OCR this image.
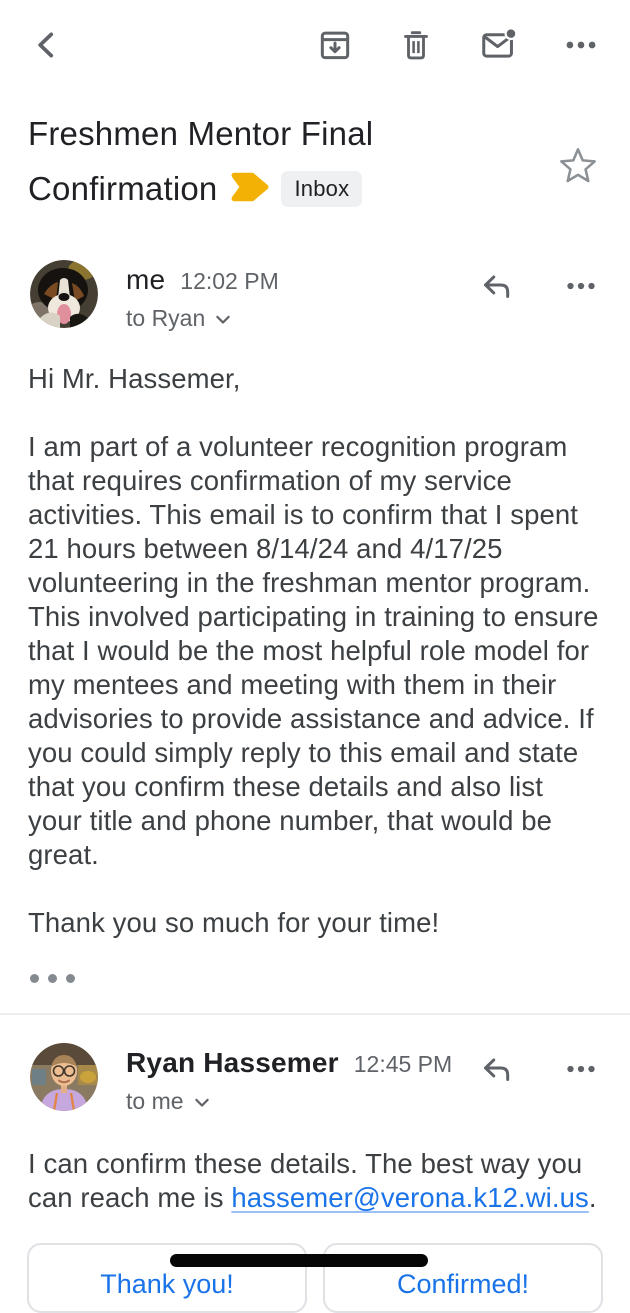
Freshmen Mentor Final Confirmation	Inbox
me 12:02 PM
to Ryan

Hi Mr. Hassemer,

I am part of a volunteer recognition program that requires confirmation of my service activities. This email is to confirm that I spent 21 hours between 8/14/24 and 4/17/25 volunteering in the freshman mentor program. This involved participating in training to ensure that I would be the most helpful role model for my mentees and meeting with them in their advisories to provide assistance and advice. If you could simply reply to this email and state that you confirm these details and also list your title and phone number, that would be great.

Thank you so much for your time!

Ryan Hassemer 12:45 PM
to me

I can confirm these details. The best way you can reach me is hassemer@verona.k12.wi.us.

Thank you!	Confirmed!
